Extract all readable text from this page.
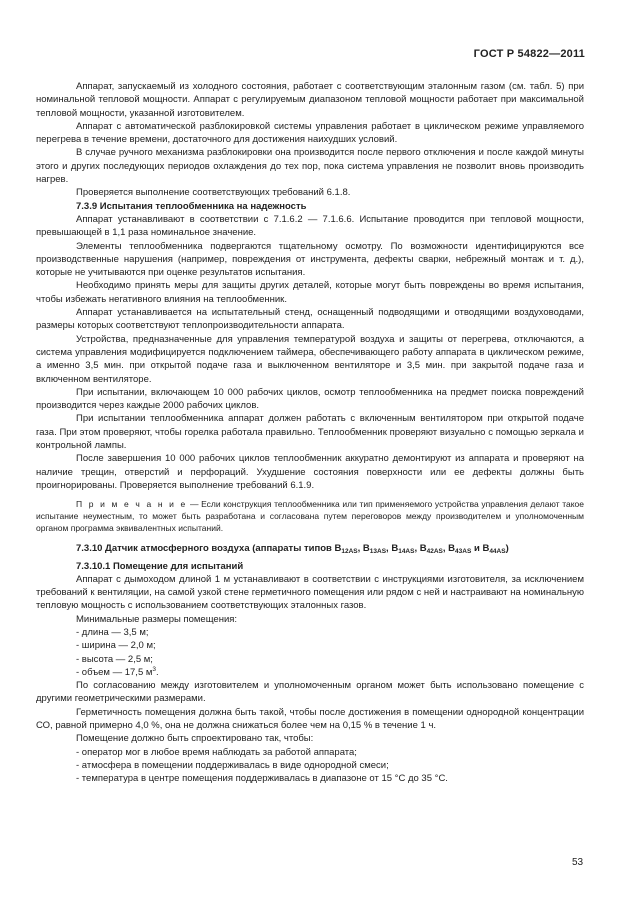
ГОСТ Р 54822—2011

Аппарат, запускаемый из холодного состояния, работает с соответствующим эталонным газом (см. табл. 5) при номинальной тепловой мощности. Аппарат с регулируемым диапазоном тепловой мощности работает при максимальной тепловой мощности, указанной изготовителем.

Аппарат с автоматической разблокировкой системы управления работает в циклическом режиме управляемого перегрева в течение времени, достаточного для достижения наихудших условий.

В случае ручного механизма разблокировки она производится после первого отключения и после каждой минуты этого и других последующих периодов охлаждения до тех пор, пока система управления не позволит вновь производить нагрев.

Проверяется выполнение соответствующих требований 6.1.8.

7.3.9 Испытания теплообменника на надежность

Аппарат устанавливают в соответствии с 7.1.6.2 — 7.1.6.6. Испытание проводится при тепловой мощности, превышающей в 1,1 раза номинальное значение.

Элементы теплообменника подвергаются тщательному осмотру. По возможности идентифицируются все производственные нарушения (например, повреждения от инструмента, дефекты сварки, небрежный монтаж и т. д.), которые не учитываются при оценке результатов испытания.

Необходимо принять меры для защиты других деталей, которые могут быть повреждены во время испытания, чтобы избежать негативного влияния на теплообменник.

Аппарат устанавливается на испытательный стенд, оснащенный подводящими и отводящими воздуховодами, размеры которых соответствуют теплопроизводительности аппарата.

Устройства, предназначенные для управления температурой воздуха и защиты от перегрева, отключаются, а система управления модифицируется подключением таймера, обеспечивающего работу аппарата в циклическом режиме, а именно 3,5 мин. при открытой подаче газа и выключенном вентиляторе и 3,5 мин. при закрытой подаче газа и включенном вентиляторе.

При испытании, включающем 10 000 рабочих циклов, осмотр теплообменника на предмет поиска повреждений производится через каждые 2000 рабочих циклов.

При испытании теплообменника аппарат должен работать с включенным вентилятором при открытой подаче газа. При этом проверяют, чтобы горелка работала правильно. Теплообменник проверяют визуально с помощью зеркала и контрольной лампы.

После завершения 10 000 рабочих циклов теплообменник аккуратно демонтируют из аппарата и проверяют на наличие трещин, отверстий и перфораций. Ухудшение состояния поверхности или ее дефекты должны быть проигнорированы. Проверяется выполнение требований 6.1.9.

П р и м е ч а н и е — Если конструкция теплообменника или тип применяемого устройства управления делают такое испытание неуместным, то может быть разработана и согласована путем переговоров между производителем и уполномоченным органом программа эквивалентных испытаний.

7.3.10 Датчик атмосферного воздуха (аппараты типов $B_{12AS}$, $B_{13AS}$, $B_{14AS}$, $B_{42AS}$, $B_{43AS}$ и $B_{44AS}$)

7.3.10.1 Помещение для испытаний

Аппарат с дымоходом длиной 1 м устанавливают в соответствии с инструкциями изготовителя, за исключением требований к вентиляции, на самой узкой стене герметичного помещения или рядом с ней и настраивают на номинальную тепловую мощность с использованием соответствующих эталонных газов.

Минимальные размеры помещения:

- длина — 3,5 м;

- ширина — 2,0 м;

- высота — 2,5 м;

- объем — 17,5 $м^3$.

По согласованию между изготовителем и уполномоченным органом может быть использовано помещение с другими геометрическими размерами.

Герметичность помещения должна быть такой, чтобы после достижения в помещении однородной концентрации СО, равной примерно 4,0 %, она не должна снижаться более чем на 0,15 % в течение 1 ч.

Помещение должно быть спроектировано так, чтобы:

- оператор мог в любое время наблюдать за работой аппарата;

- атмосфера в помещении поддерживалась в виде однородной смеси;

- температура в центре помещения поддерживалась в диапазоне от 15 °С до 35 °С.

53
